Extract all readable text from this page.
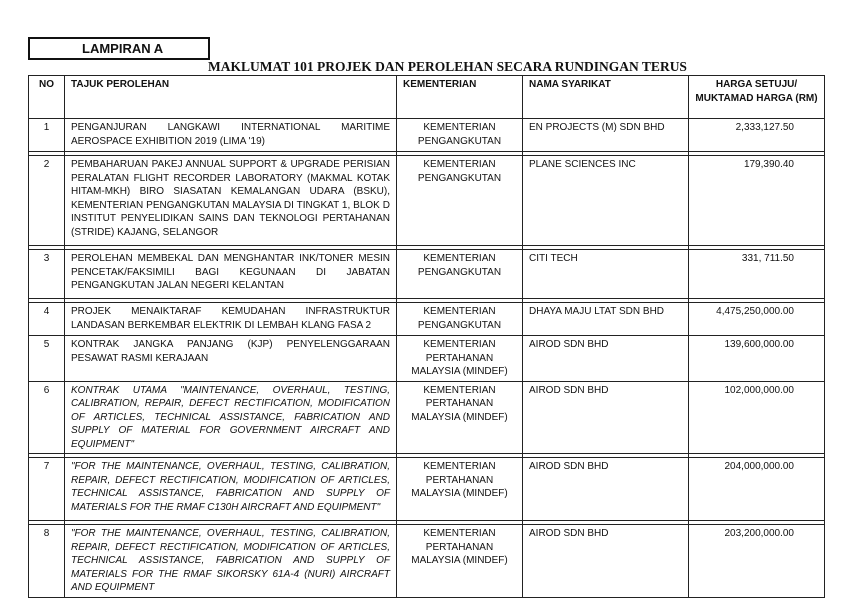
LAMPIRAN A
MAKLUMAT 101 PROJEK DAN PEROLEHAN SECARA RUNDINGAN TERUS
NO	TAJUK PEROLEHAN	KEMENTERIAN	NAMA SYARIKAT	HARGA SETUJU/ MUKTAMAD HARGA (RM)
1	PENGANJURAN LANGKAWI INTERNATIONAL MARITIME AEROSPACE EXHIBITION 2019 (LIMA '19)	KEMENTERIAN PENGANGKUTAN	EN PROJECTS (M) SDN BHD	2,333,127.50

2	PEMBAHARUAN PAKEJ ANNUAL SUPPORT & UPGRADE PERISIAN PERALATAN FLIGHT RECORDER LABORATORY (MAKMAL KOTAK HITAM-MKH) BIRO SIASATAN KEMALANGAN UDARA (BSKU), KEMENTERIAN PENGANGKUTAN MALAYSIA DI TINGKAT 1, BLOK D INSTITUT PENYELIDIKAN SAINS DAN TEKNOLOGI PERTAHANAN (STRIDE) KAJANG, SELANGOR	KEMENTERIAN PENGANGKUTAN	PLANE SCIENCES INC	179,390.40

3	PEROLEHAN MEMBEKAL DAN MENGHANTAR INK/TONER MESIN PENCETAK/FAKSIMILI BAGI KEGUNAAN DI JABATAN PENGANGKUTAN JALAN NEGERI KELANTAN	KEMENTERIAN PENGANGKUTAN	CITI TECH	331, 711.50

4	PROJEK MENAIKTARAF KEMUDAHAN INFRASTRUKTUR LANDASAN BERKEMBAR ELEKTRIK DI LEMBAH KLANG FASA 2	KEMENTERIAN PENGANGKUTAN	DHAYA MAJU LTAT SDN BHD	4,475,250,000.00
5	KONTRAK JANGKA PANJANG (KJP) PENYELENGGARAAN PESAWAT RASMI KERAJAAN	KEMENTERIAN PERTAHANAN MALAYSIA (MINDEF)	AIROD SDN BHD	139,600,000.00
6	KONTRAK UTAMA "MAINTENANCE, OVERHAUL, TESTING, CALIBRATION, REPAIR, DEFECT RECTIFICATION, MODIFICATION OF ARTICLES, TECHNICAL ASSISTANCE, FABRICATION AND SUPPLY OF MATERIAL FOR GOVERNMENT AIRCRAFT AND EQUIPMENT"	KEMENTERIAN PERTAHANAN MALAYSIA (MINDEF)	AIROD SDN BHD	102,000,000.00

7	"FOR THE MAINTENANCE, OVERHAUL, TESTING, CALIBRATION, REPAIR, DEFECT RECTIFICATION, MODIFICATION OF ARTICLES, TECHNICAL ASSISTANCE, FABRICATION AND SUPPLY OF MATERIALS FOR THE RMAF C130H AIRCRAFT AND EQUIPMENT"	KEMENTERIAN PERTAHANAN MALAYSIA (MINDEF)	AIROD SDN BHD	204,000,000.00

8	"FOR THE MAINTENANCE, OVERHAUL, TESTING, CALIBRATION, REPAIR, DEFECT RECTIFICATION, MODIFICATION OF ARTICLES, TECHNICAL ASSISTANCE, FABRICATION AND SUPPLY OF MATERIALS FOR THE RMAF SIKORSKY 61A-4 (NURI) AIRCRAFT AND EQUIPMENT	KEMENTERIAN PERTAHANAN MALAYSIA (MINDEF)	AIROD SDN BHD	203,200,000.00
